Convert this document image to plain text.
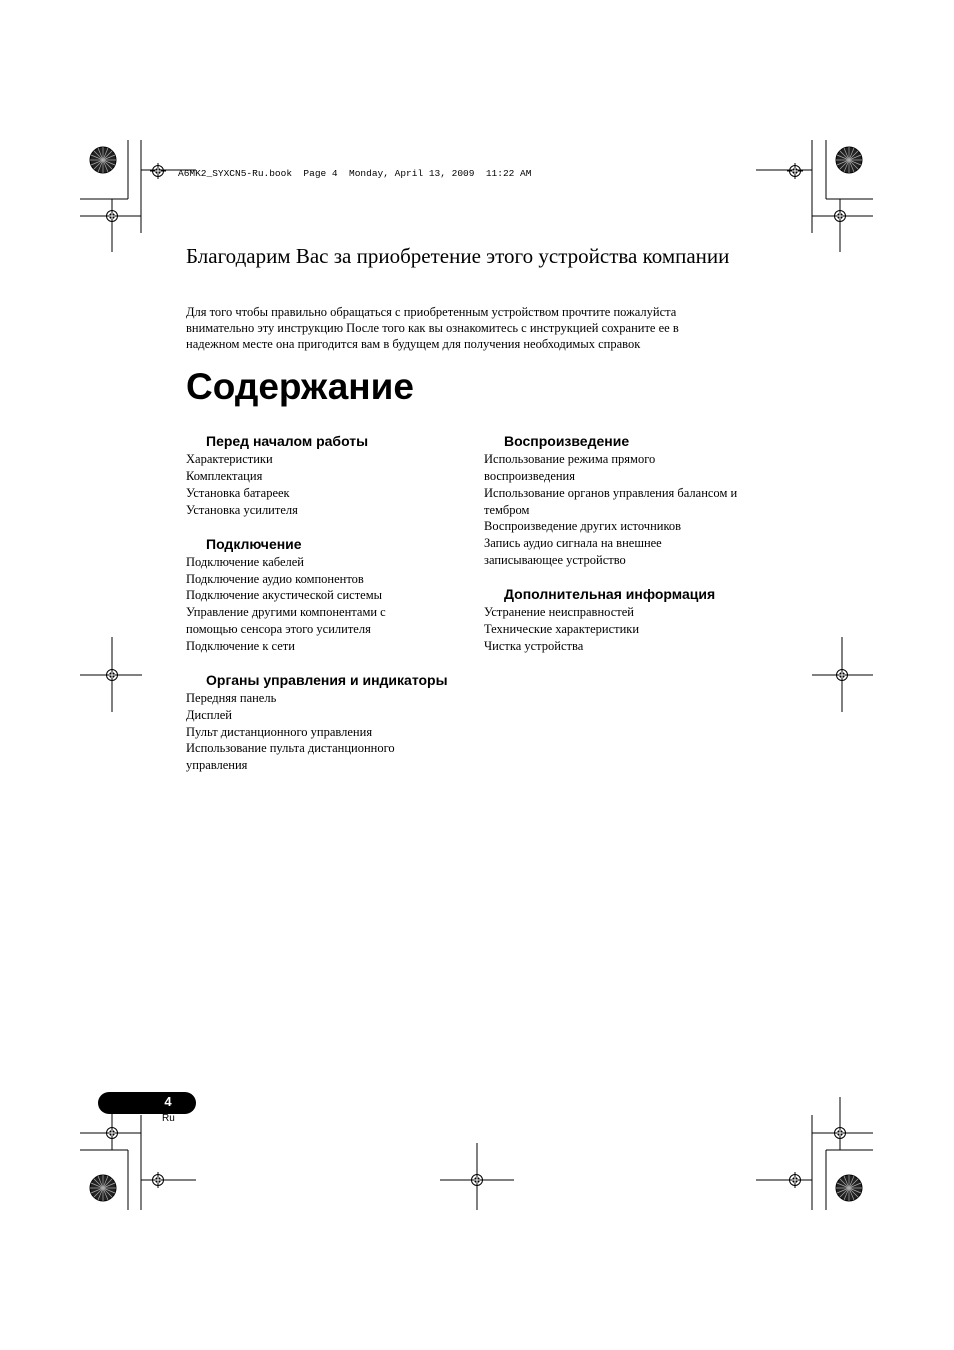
A6MK2_SYXCN5-Ru.book  Page 4  Monday, April 13, 2009  11:22 AM
Благодарим Вас за приобретение этого устройства компании
Для того чтобы правильно обращаться с приобретенным устройством прочтите пожалуйста
внимательно эту инструкцию После того как вы ознакомитесь с инструкцией сохраните ее в
надежном месте она пригодится вам в будущем для получения необходимых справок
Содержание
Перед началом работы
Характеристики
Комплектация
Установка батареек
Установка усилителя
Подключение
Подключение кабелей
Подключение аудио компонентов
Подключение акустической системы
Управление другими компонентами с
помощью сенсора этого усилителя
Подключение к сети
Органы управления и индикаторы
Передняя панель
Дисплей
Пульт дистанционного управления
Использование пульта дистанционного
управления
Воспроизведение
Использование режима прямого
воспроизведения
Использование органов управления балансом и
тембром
Воспроизведение других источников
Запись аудио сигнала на внешнее
записывающее устройство
Дополнительная информация
Устранение неисправностей
Технические характеристики
Чистка устройства
4
Ru
